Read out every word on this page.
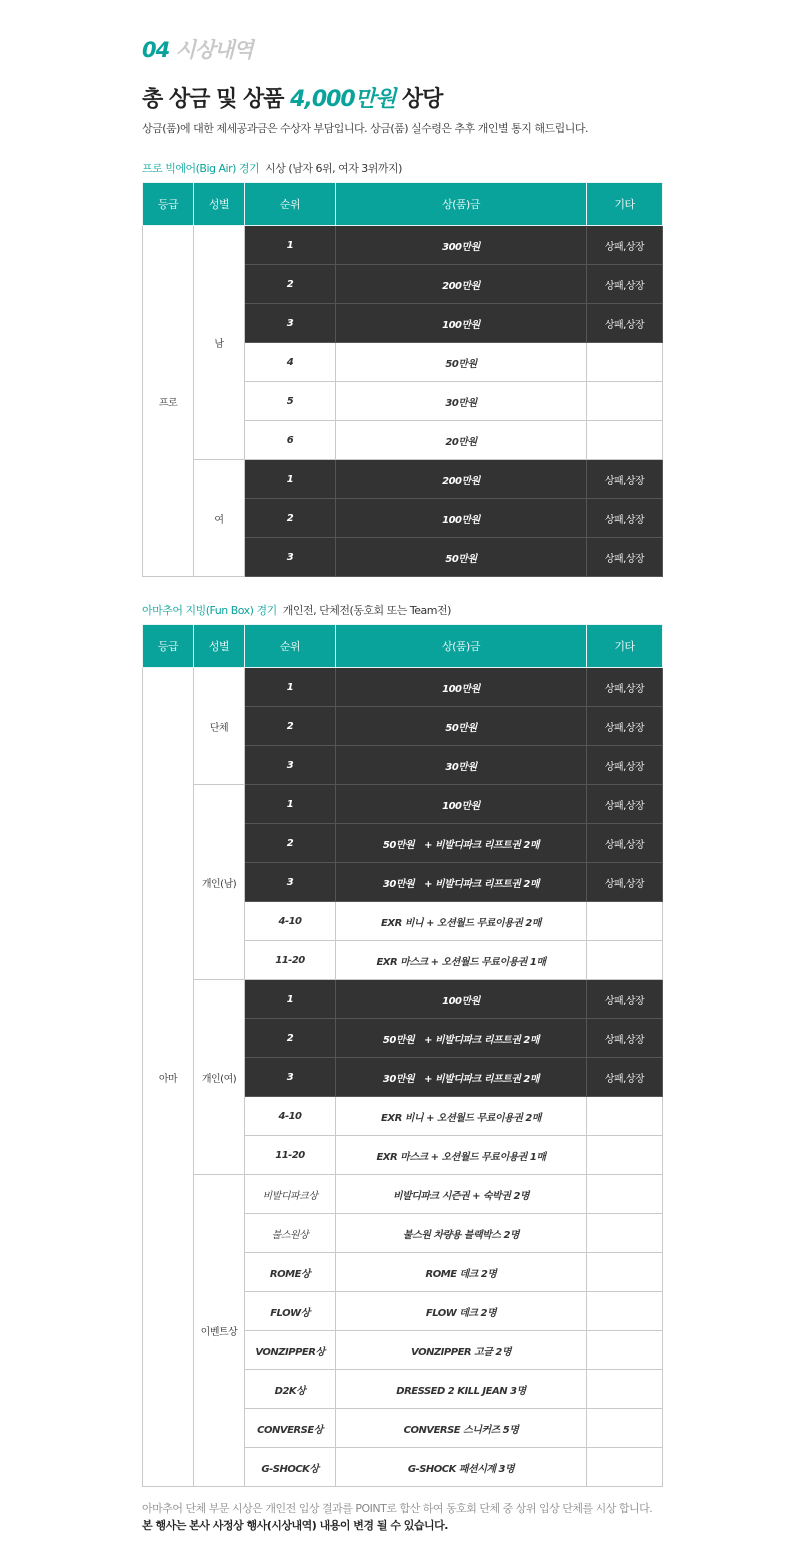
04 시상내역
총 상금 및 상품 4,000만원 상당
상금(품)에 대한 제세공과금은 수상자 부담입니다. 상금(품) 실수령은 추후 개인별 통지 해드립니다.
프로 빅에어(Big Air) 경기 시상 (남자 6위, 여자 3위까지)
등급	성별	순위	상(품)금	기타
프로	남	1	300만원	상패,상장
		2	200만원	상패,상장
		3	100만원	상패,상장
		4	50만원	
		5	30만원	
		6	20만원	
	여	1	200만원	상패,상장
		2	100만원	상패,상장
		3	50만원	상패,상장
아마추어 지빙(Fun Box) 경기 개인전, 단체전(동호회 또는 Team전)
등급	성별	순위	상(품)금	기타
아마	단체	1	100만원	상패,상장
		2	50만원	상패,상장
		3	30만원	상패,상장
	개인(남)	1	100만원	상패,상장
		2	50만원 + 비발디파크 리프트권 2매	상패,상장
		3	30만원 + 비발디파크 리프트권 2매	상패,상장
		4-10	EXR 비니 + 오션월드 무료이용권 2매	
		11-20	EXR 마스크 + 오션월드 무료이용권 1매	
	개인(여)	1	100만원	상패,상장
		2	50만원 + 비발디파크 리프트권 2매	상패,상장
		3	30만원 + 비발디파크 리프트권 2매	상패,상장
		4-10	EXR 비니 + 오션월드 무료이용권 2매	
		11-20	EXR 마스크 + 오션월드 무료이용권 1매	
	이벤트상	비발디파크상	비발디파크 시즌권 + 숙박권 2명	
		불스원상	불스원 차량용 블랙박스 2명	
		ROME상	ROME 데크 2명	
		FLOW상	FLOW 데크 2명	
		VONZIPPER상	VONZIPPER 고글 2명	
		D2K상	DRESSED 2 KILL JEAN 3명	
		CONVERSE상	CONVERSE 스니커즈 5명	
		G-SHOCK상	G-SHOCK 패션시계 3명	
아마추어 단체 부문 시상은 개인전 입상 결과를 POINT로 합산 하여 동호회 단체 중 상위 입상 단체를 시상 합니다.
본 행사는 본사 사정상 행사(시상내역) 내용이 변경 될 수 있습니다.
